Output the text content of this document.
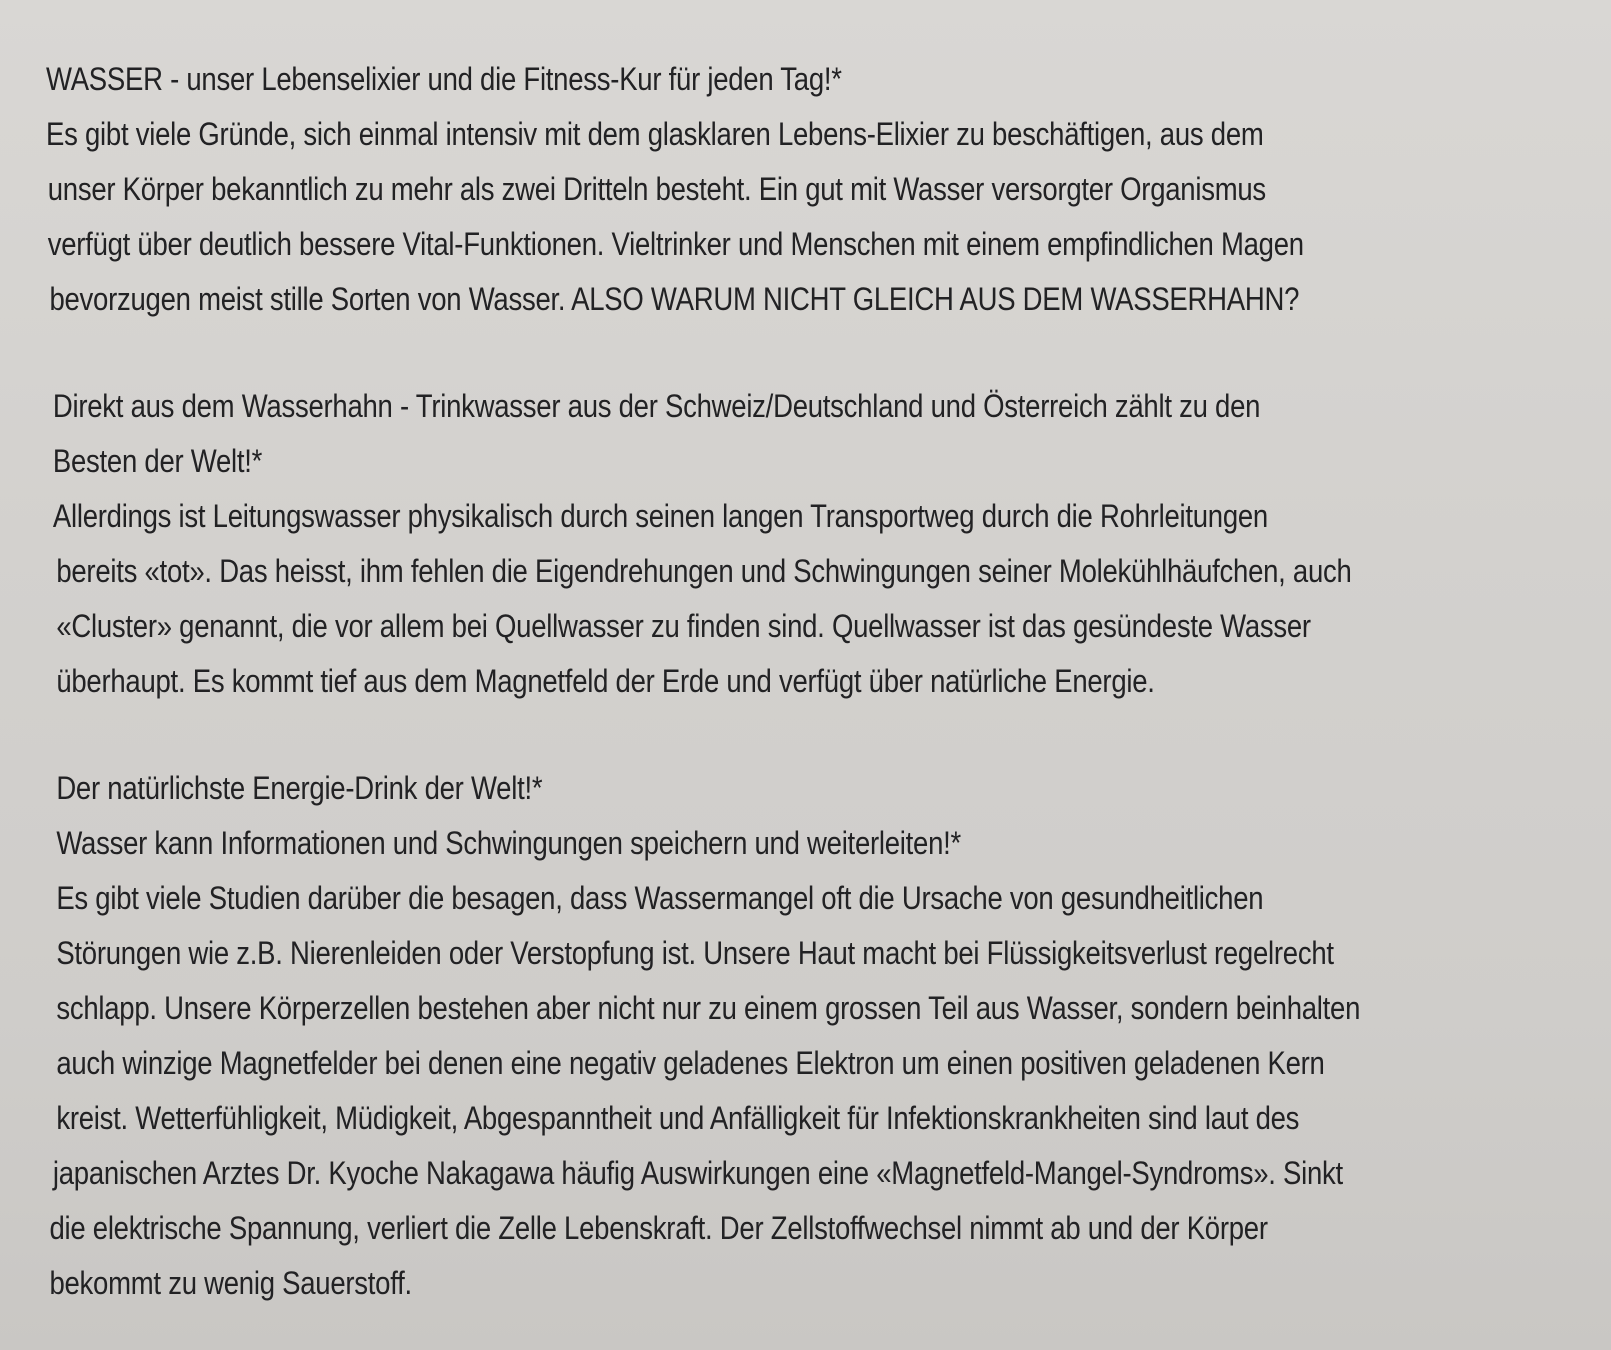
WASSER - unser Lebenselixier und die Fitness-Kur für jeden Tag!*
Es gibt viele Gründe, sich einmal intensiv mit dem glasklaren Lebens-Elixier zu beschäftigen, aus dem
unser Körper bekanntlich zu mehr als zwei Dritteln besteht. Ein gut mit Wasser versorgter Organismus
verfügt über deutlich bessere Vital-Funktionen. Vieltrinker und Menschen mit einem empfindlichen Magen
bevorzugen meist stille Sorten von Wasser. ALSO WARUM NICHT GLEICH AUS DEM WASSERHAHN?
Direkt aus dem Wasserhahn - Trinkwasser aus der Schweiz/Deutschland und Österreich zählt zu den
Besten der Welt!*
Allerdings ist Leitungswasser physikalisch durch seinen langen Transportweg durch die Rohrleitungen
bereits «tot». Das heisst, ihm fehlen die Eigendrehungen und Schwingungen seiner Molekühlhäufchen, auch
«Cluster» genannt, die vor allem bei Quellwasser zu finden sind. Quellwasser ist das gesündeste Wasser
überhaupt. Es kommt tief aus dem Magnetfeld der Erde und verfügt über natürliche Energie.
Der natürlichste Energie-Drink der Welt!*
Wasser kann Informationen und Schwingungen speichern und weiterleiten!*
Es gibt viele Studien darüber die besagen, dass Wassermangel oft die Ursache von gesundheitlichen
Störungen wie z.B. Nierenleiden oder Verstopfung ist. Unsere Haut macht bei Flüssigkeitsverlust regelrecht
schlapp. Unsere Körperzellen bestehen aber nicht nur zu einem grossen Teil aus Wasser, sondern beinhalten
auch winzige Magnetfelder bei denen eine negativ geladenes Elektron um einen positiven geladenen Kern
kreist. Wetterfühligkeit, Müdigkeit, Abgespanntheit und Anfälligkeit für Infektionskrankheiten sind laut des
japanischen Arztes Dr. Kyoche Nakagawa häufig Auswirkungen eine «Magnetfeld-Mangel-Syndroms». Sinkt
die elektrische Spannung, verliert die Zelle Lebenskraft. Der Zellstoffwechsel nimmt ab und der Körper
bekommt zu wenig Sauerstoff.
